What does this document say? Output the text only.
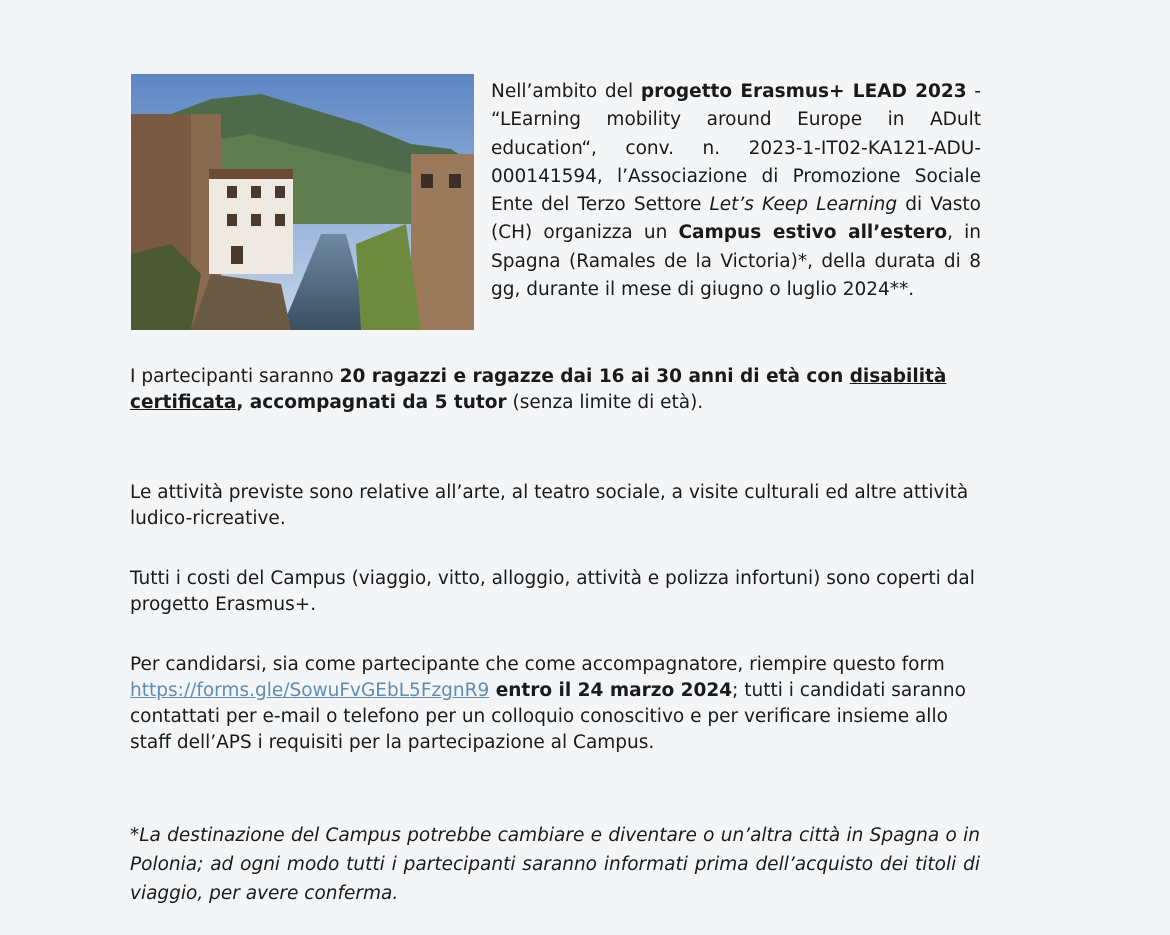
Nell’ambito del progetto Erasmus+ LEAD 2023 - “LEarning mobility around Europe in ADult education“, conv. n. 2023-1-IT02-KA121-ADU-000141594, l’Associazione di Promozione Sociale Ente del Terzo Settore Let’s Keep Learning di Vasto (CH) organizza un Campus estivo all’estero, in Spagna (Ramales de la Victoria)*, della durata di 8 gg, durante il mese di giugno o luglio 2024**.
I partecipanti saranno 20 ragazzi e ragazze dai 16 ai 30 anni di età con disabilità certificata, accompagnati da 5 tutor (senza limite di età).
Le attività previste sono relative all’arte, al teatro sociale, a visite culturali ed altre attività ludico-ricreative.
Tutti i costi del Campus (viaggio, vitto, alloggio, attività e polizza infortuni) sono coperti dal progetto Erasmus+.
Per candidarsi, sia come partecipante che come accompagnatore, riempire questo form https://forms.gle/SowuFvGEbL5FzgnR9 entro il 24 marzo 2024; tutti i candidati saranno contattati per e-mail o telefono per un colloquio conoscitivo e per verificare insieme allo staff dell’APS i requisiti per la partecipazione al Campus.
*La destinazione del Campus potrebbe cambiare e diventare o un’altra città in Spagna o in Polonia; ad ogni modo tutti i partecipanti saranno informati prima dell’acquisto dei titoli di viaggio, per avere conferma.
